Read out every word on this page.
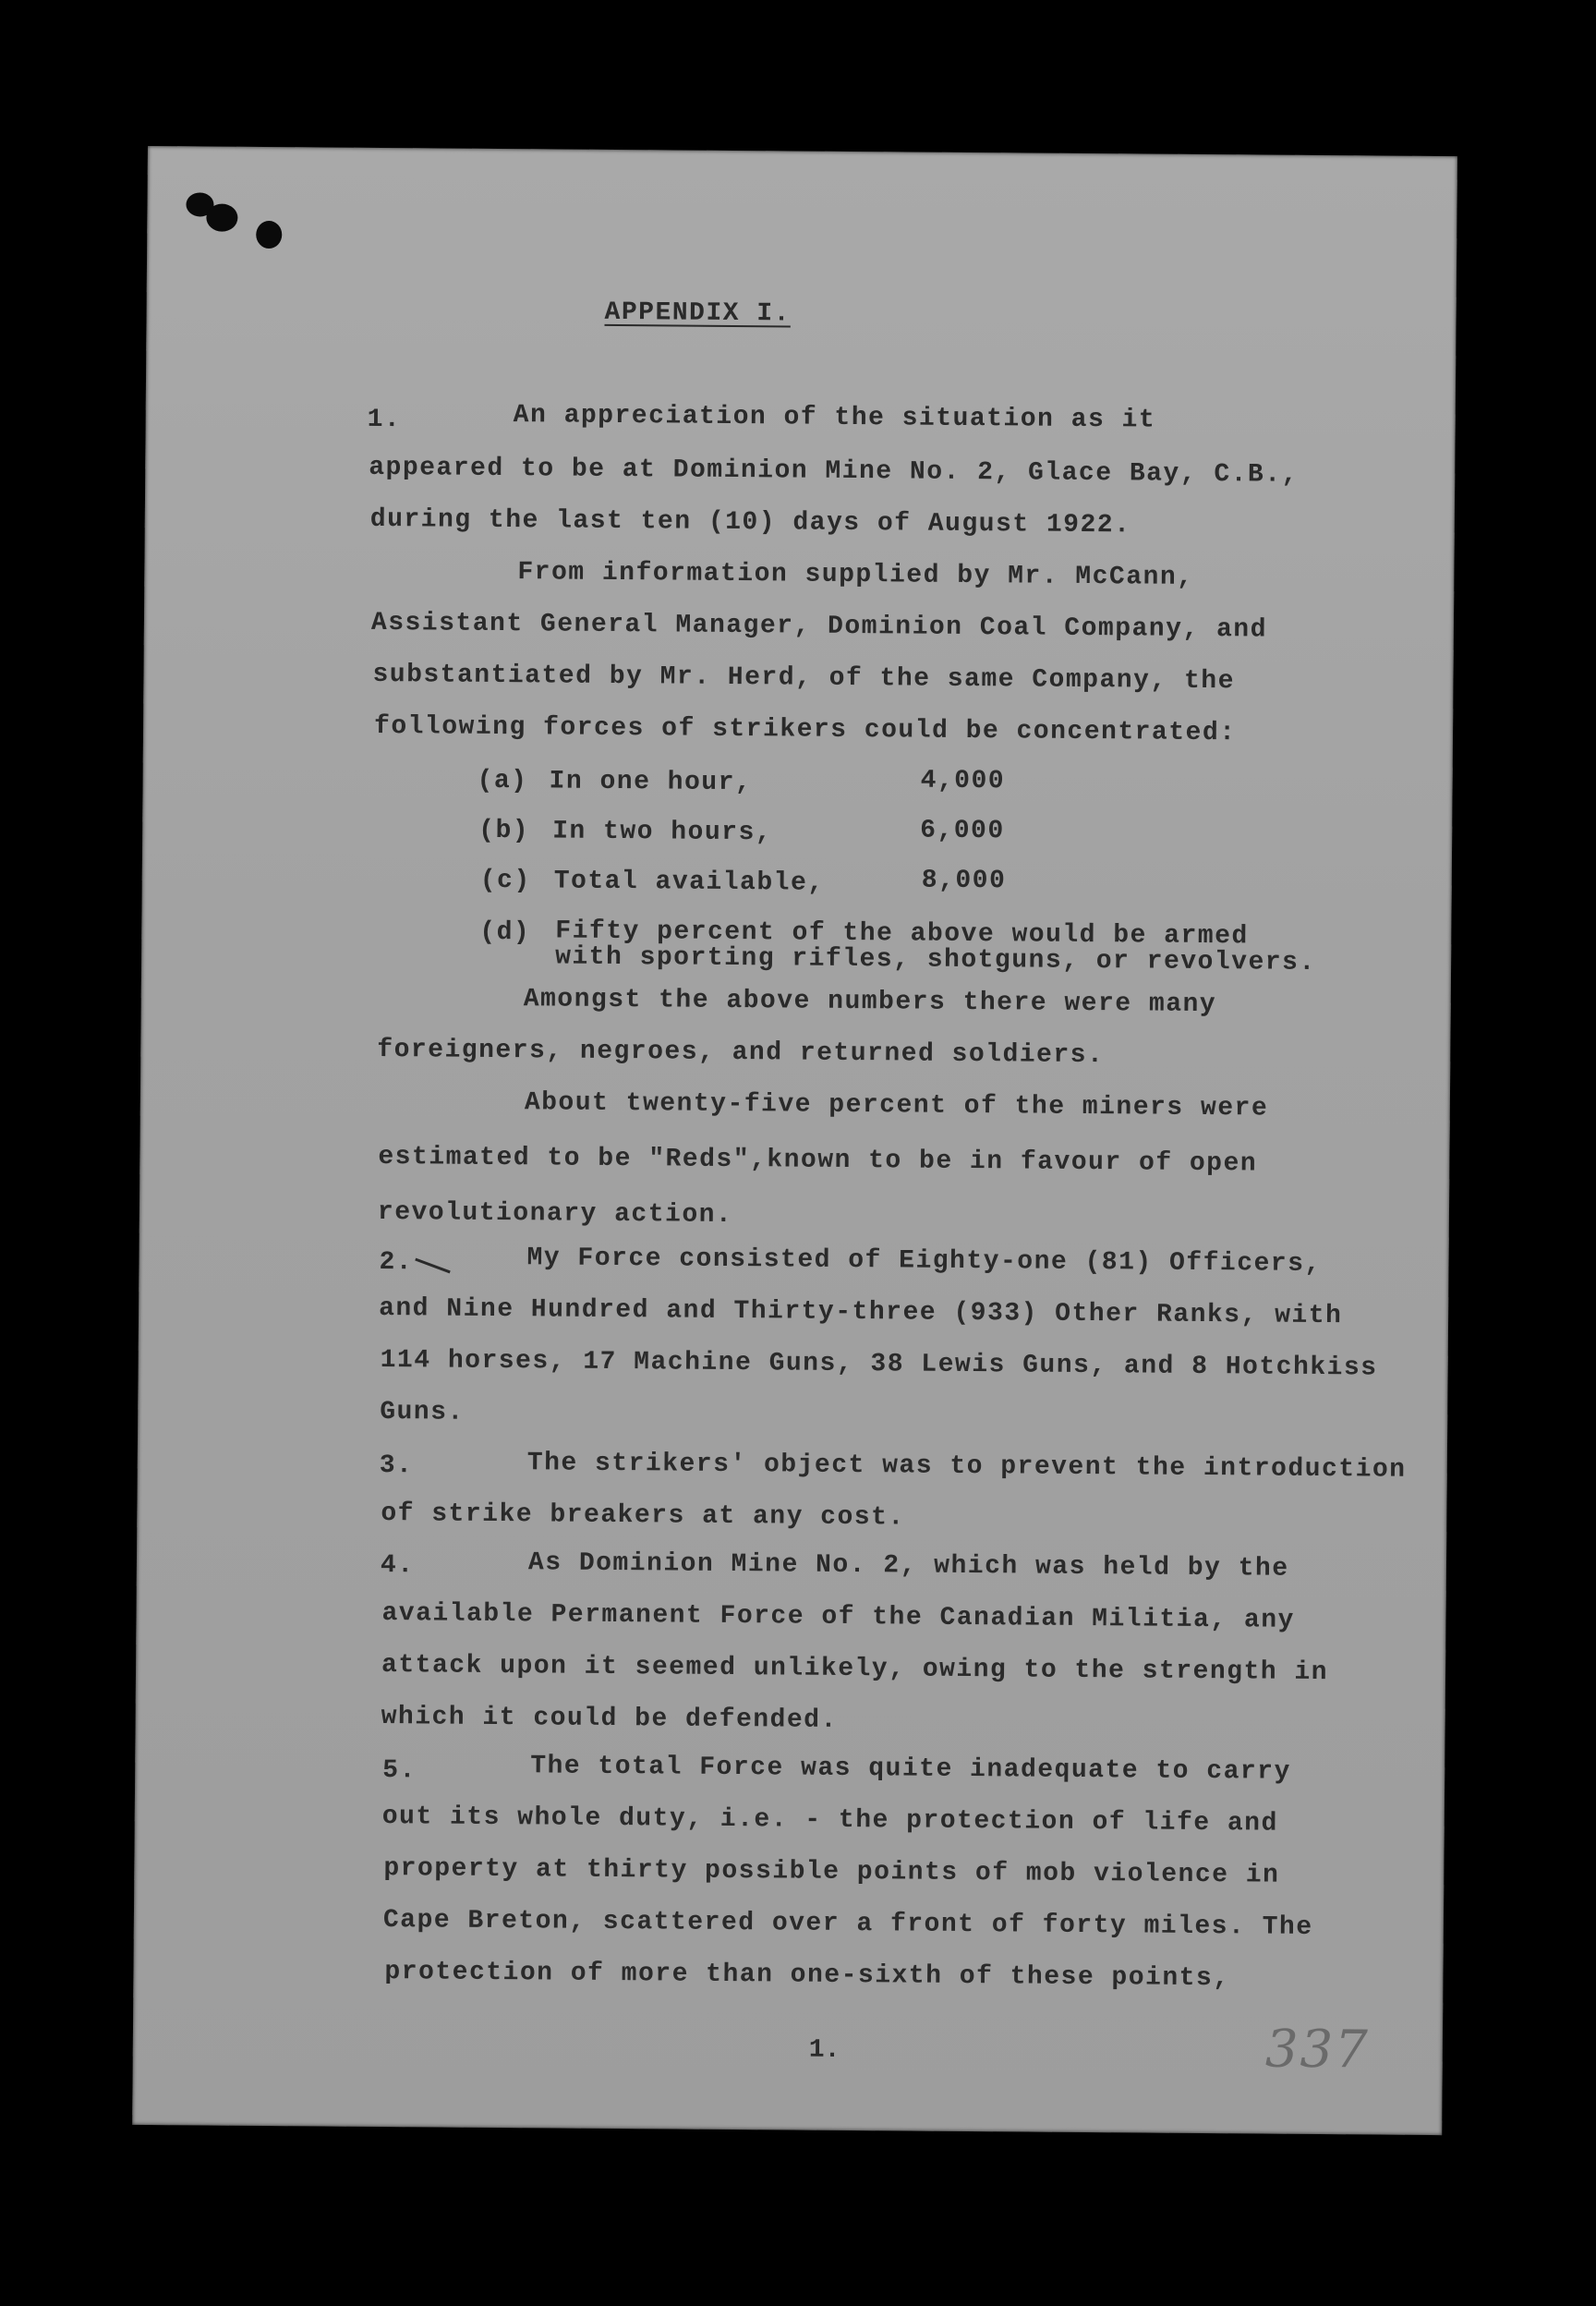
APPENDIX I.
1.	An appreciation of the situation as it
appeared to be at Dominion Mine No. 2, Glace Bay, C.B.,
during the last ten (10) days of August 1922.
From information supplied by Mr. McCann,
Assistant General Manager, Dominion Coal Company, and
substantiated by Mr. Herd, of the same Company, the
following forces of strikers could be concentrated:
(a) In one hour,	4,000
(b) In two hours,	6,000
(c) Total available,	8,000
(d) Fifty percent of the above would be armed
with sporting rifles, shotguns, or revolvers.
Amongst the above numbers there were many
foreigners, negroes, and returned soldiers.
About twenty-five percent of the miners were
estimated to be "Reds",known to be in favour of open
revolutionary action.
2.	My Force consisted of Eighty-one (81) Officers,
and Nine Hundred and Thirty-three (933) Other Ranks, with
114 horses, 17 Machine Guns, 38 Lewis Guns, and 8 Hotchkiss
Guns.
3.	The strikers' object was to prevent the introduction
of strike breakers at any cost.
4.	As Dominion Mine No. 2, which was held by the
available Permanent Force of the Canadian Militia, any
attack upon it seemed unlikely, owing to the strength in
which it could be defended.
5.	The total Force was quite inadequate to carry
out its whole duty, i.e. - the protection of life and
property at thirty possible points of mob violence in
Cape Breton, scattered over a front of forty miles. The
protection of more than one-sixth of these points,
1.	337
